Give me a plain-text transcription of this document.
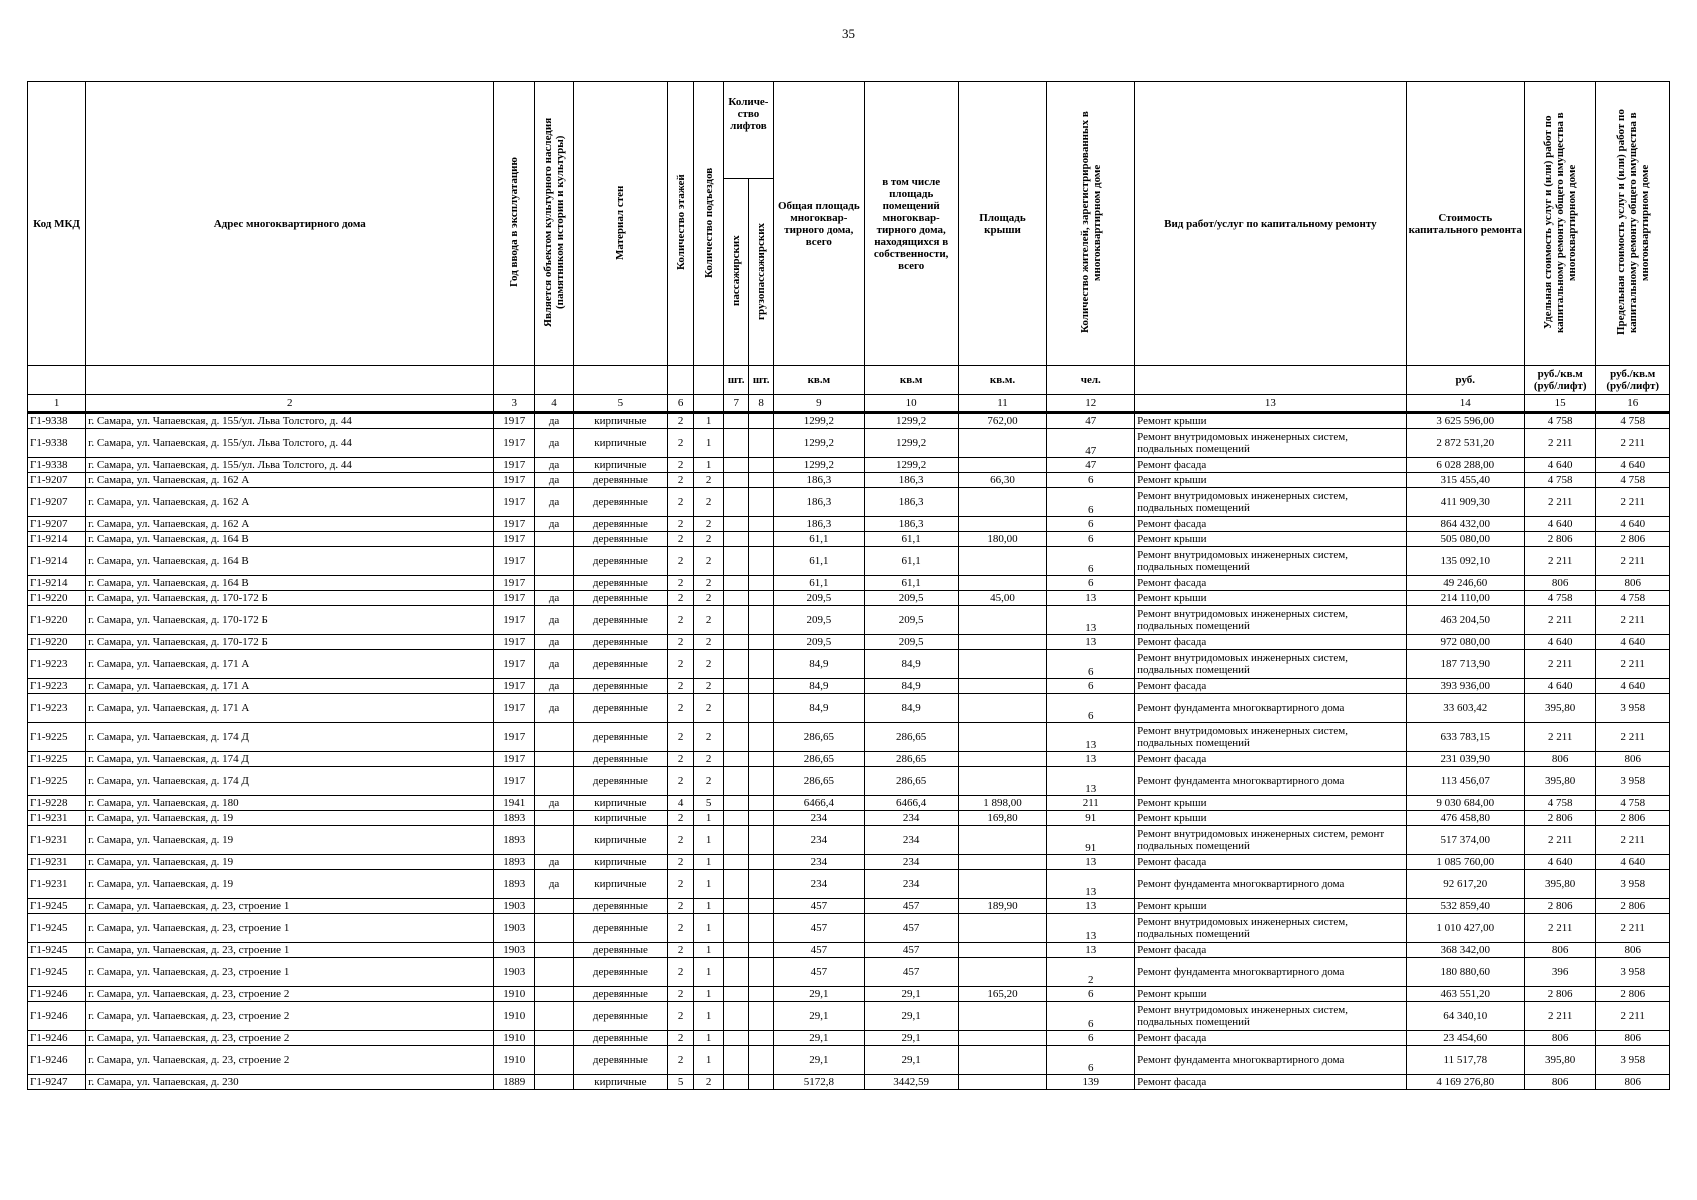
35
Код МКД	Адрес многоквартирного дома	Год ввода в эксплуатацию	Является объектом культурного наследия (памятником истории и культуры)	Материал стен	Количество этажей	Количество подъездов	Количе-ство лифтов		Общая площадь многоквар-тирного дома, всего	в том числе площадь помещений многоквар-тирного дома, находящихся в собственности, всего	Площадь крыши	Количество жителей, зарегистрированных в многоквартирном доме	Вид работ/услуг по капитальному ремонту	Стоимость капитального ремонта	Удельная стоимость услуг и (или) работ по капитальному ремонту общего имущества в многоквартирном доме	Предельная стоимость услуг и (или) работ по капитальному ремонту общего имущества в многоквартирном доме
							пассажирских	грузопассажирских								
							шт.	шт.	кв.м	кв.м	кв.м.	чел.		руб.	руб./кв.м (руб/лифт)	руб./кв.м (руб/лифт)
1	2	3	4	5	6		7	8	9	10	11	12	13	14	15	16
Г1-9338	г. Самара, ул. Чапаевская, д. 155/ул. Льва Толстого, д. 44	1917	да	кирпичные	2	1			1299,2	1299,2	762,00	47	Ремонт крыши	3 625 596,00	4 758	4 758
Г1-9338	г. Самара, ул. Чапаевская, д. 155/ул. Льва Толстого, д. 44	1917	да	кирпичные	2	1			1299,2	1299,2		47	Ремонт внутридомовых инженерных систем, подвальных помещений	2 872 531,20	2 211	2 211
Г1-9338	г. Самара, ул. Чапаевская, д. 155/ул. Льва Толстого, д. 44	1917	да	кирпичные	2	1			1299,2	1299,2		47	Ремонт фасада	6 028 288,00	4 640	4 640
Г1-9207	г. Самара, ул. Чапаевская, д. 162 А	1917	да	деревянные	2	2			186,3	186,3	66,30	6	Ремонт крыши	315 455,40	4 758	4 758
Г1-9207	г. Самара, ул. Чапаевская, д. 162 А	1917	да	деревянные	2	2			186,3	186,3		6	Ремонт внутридомовых инженерных систем, подвальных помещений	411 909,30	2 211	2 211
Г1-9207	г. Самара, ул. Чапаевская, д. 162 А	1917	да	деревянные	2	2			186,3	186,3		6	Ремонт фасада	864 432,00	4 640	4 640
Г1-9214	г. Самара, ул. Чапаевская, д. 164 В	1917		деревянные	2	2			61,1	61,1	180,00	6	Ремонт крыши	505 080,00	2 806	2 806
Г1-9214	г. Самара, ул. Чапаевская, д. 164 В	1917		деревянные	2	2			61,1	61,1		6	Ремонт внутридомовых инженерных систем, подвальных помещений	135 092,10	2 211	2 211
Г1-9214	г. Самара, ул. Чапаевская, д. 164 В	1917		деревянные	2	2			61,1	61,1		6	Ремонт фасада	49 246,60	806	806
Г1-9220	г. Самара, ул. Чапаевская, д. 170-172 Б	1917	да	деревянные	2	2			209,5	209,5	45,00	13	Ремонт крыши	214 110,00	4 758	4 758
Г1-9220	г. Самара, ул. Чапаевская, д. 170-172 Б	1917	да	деревянные	2	2			209,5	209,5		13	Ремонт внутридомовых инженерных систем, подвальных помещений	463 204,50	2 211	2 211
Г1-9220	г. Самара, ул. Чапаевская, д. 170-172 Б	1917	да	деревянные	2	2			209,5	209,5		13	Ремонт фасада	972 080,00	4 640	4 640
Г1-9223	г. Самара, ул. Чапаевская, д. 171 А	1917	да	деревянные	2	2			84,9	84,9		6	Ремонт внутридомовых инженерных систем, подвальных помещений	187 713,90	2 211	2 211
Г1-9223	г. Самара, ул. Чапаевская, д. 171 А	1917	да	деревянные	2	2			84,9	84,9		6	Ремонт фасада	393 936,00	4 640	4 640
Г1-9223	г. Самара, ул. Чапаевская, д. 171 А	1917	да	деревянные	2	2			84,9	84,9		6	Ремонт фундамента многоквартирного дома	33 603,42	395,80	3 958
Г1-9225	г. Самара, ул. Чапаевская, д. 174 Д	1917		деревянные	2	2			286,65	286,65		13	Ремонт внутридомовых инженерных систем, подвальных помещений	633 783,15	2 211	2 211
Г1-9225	г. Самара, ул. Чапаевская, д. 174 Д	1917		деревянные	2	2			286,65	286,65		13	Ремонт фасада	231 039,90	806	806
Г1-9225	г. Самара, ул. Чапаевская, д. 174 Д	1917		деревянные	2	2			286,65	286,65		13	Ремонт фундамента многоквартирного дома	113 456,07	395,80	3 958
Г1-9228	г. Самара, ул. Чапаевская, д. 180	1941	да	кирпичные	4	5			6466,4	6466,4	1 898,00	211	Ремонт крыши	9 030 684,00	4 758	4 758
Г1-9231	г. Самара, ул. Чапаевская, д. 19	1893		кирпичные	2	1			234	234	169,80	91	Ремонт крыши	476 458,80	2 806	2 806
Г1-9231	г. Самара, ул. Чапаевская, д. 19	1893		кирпичные	2	1			234	234		91	Ремонт внутридомовых инженерных систем, ремонт подвальных помещений	517 374,00	2 211	2 211
Г1-9231	г. Самара, ул. Чапаевская, д. 19	1893	да	кирпичные	2	1			234	234		13	Ремонт фасада	1 085 760,00	4 640	4 640
Г1-9231	г. Самара, ул. Чапаевская, д. 19	1893	да	кирпичные	2	1			234	234		13	Ремонт фундамента многоквартирного дома	92 617,20	395,80	3 958
Г1-9245	г. Самара, ул. Чапаевская, д. 23, строение 1	1903		деревянные	2	1			457	457	189,90	13	Ремонт крыши	532 859,40	2 806	2 806
Г1-9245	г. Самара, ул. Чапаевская, д. 23, строение 1	1903		деревянные	2	1			457	457		13	Ремонт внутридомовых инженерных систем, подвальных помещений	1 010 427,00	2 211	2 211
Г1-9245	г. Самара, ул. Чапаевская, д. 23, строение 1	1903		деревянные	2	1			457	457		13	Ремонт фасада	368 342,00	806	806
Г1-9245	г. Самара, ул. Чапаевская, д. 23, строение 1	1903		деревянные	2	1			457	457		2	Ремонт фундамента многоквартирного дома	180 880,60	396	3 958
Г1-9246	г. Самара, ул. Чапаевская, д. 23, строение 2	1910		деревянные	2	1			29,1	29,1	165,20	6	Ремонт крыши	463 551,20	2 806	2 806
Г1-9246	г. Самара, ул. Чапаевская, д. 23, строение 2	1910		деревянные	2	1			29,1	29,1		6	Ремонт внутридомовых инженерных систем, подвальных помещений	64 340,10	2 211	2 211
Г1-9246	г. Самара, ул. Чапаевская, д. 23, строение 2	1910		деревянные	2	1			29,1	29,1		6	Ремонт фасада	23 454,60	806	806
Г1-9246	г. Самара, ул. Чапаевская, д. 23, строение 2	1910		деревянные	2	1			29,1	29,1		6	Ремонт фундамента многоквартирного дома	11 517,78	395,80	3 958
Г1-9247	г. Самара, ул. Чапаевская, д. 230	1889		кирпичные	5	2			5172,8	3442,59		139	Ремонт фасада	4 169 276,80	806	806
